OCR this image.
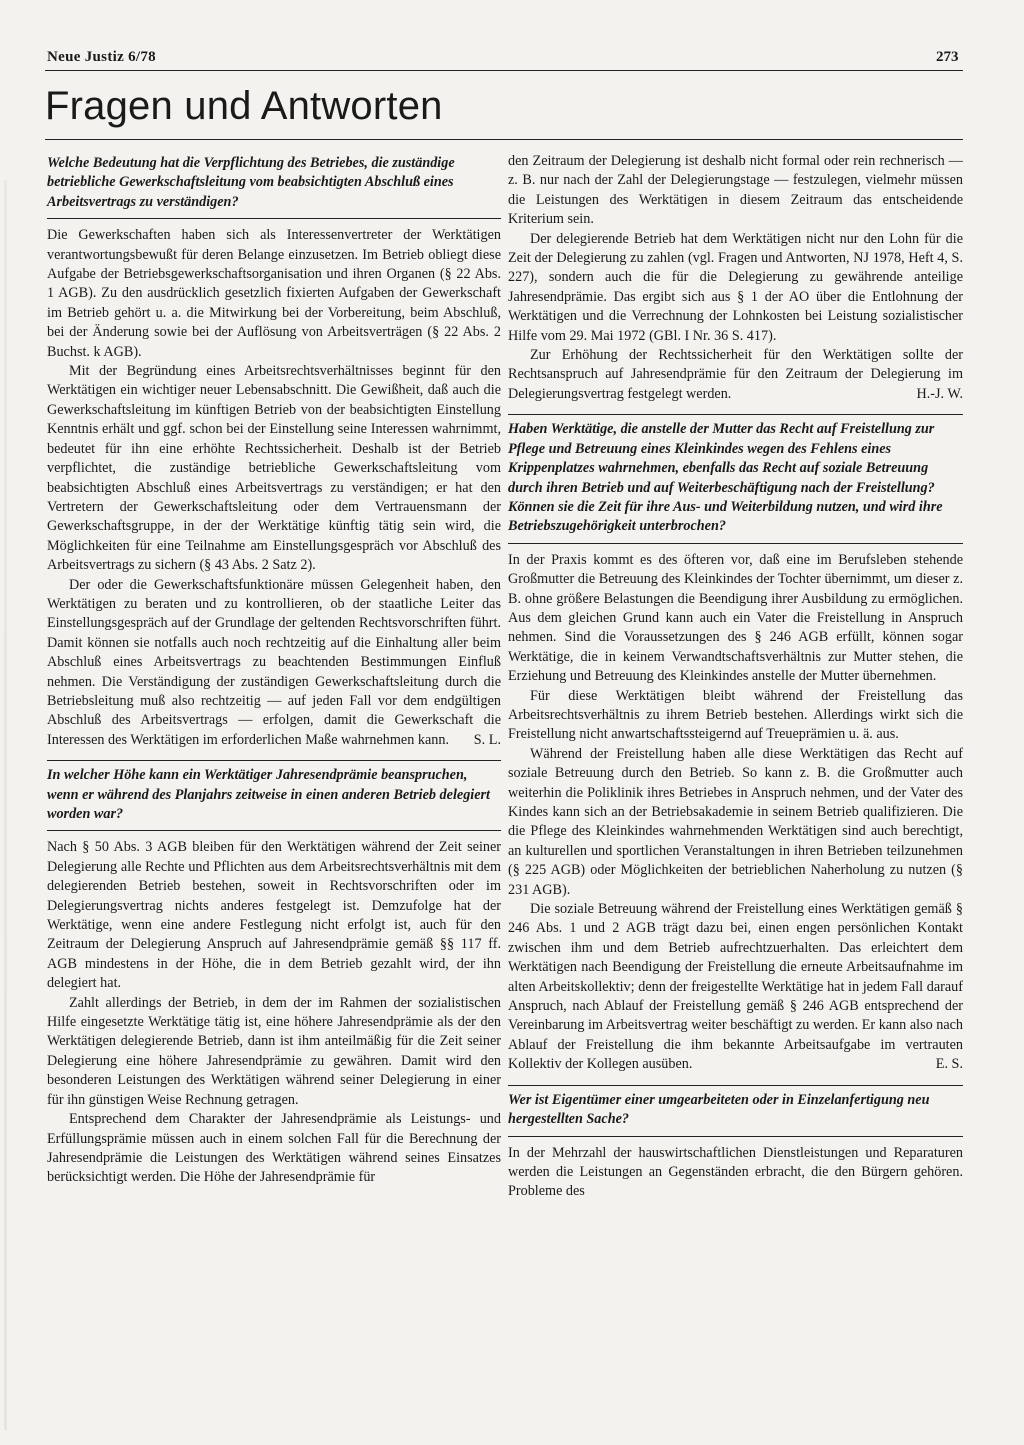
Neue Justiz 6/78	273
Fragen und Antworten
Welche Bedeutung hat die Verpflichtung des Betriebes, die zuständige betriebliche Gewerkschaftsleitung vom beabsichtigten Abschluß eines Arbeitsvertrags zu verständigen?

Die Gewerkschaften haben sich als Interessenvertreter der Werktätigen verantwortungsbewußt für deren Belange einzusetzen. Im Betrieb obliegt diese Aufgabe der Betriebsgewerkschaftsorganisation und ihren Organen (§ 22 Abs. 1 AGB). Zu den ausdrücklich gesetzlich fixierten Aufgaben der Gewerkschaft im Betrieb gehört u. a. die Mitwirkung bei der Vorbereitung, beim Abschluß, bei der Änderung sowie bei der Auflösung von Arbeitsverträgen (§ 22 Abs. 2 Buchst. k AGB).

Mit der Begründung eines Arbeitsrechtsverhältnisses beginnt für den Werktätigen ein wichtiger neuer Lebensabschnitt. Die Gewißheit, daß auch die Gewerkschaftsleitung im künftigen Betrieb von der beabsichtigten Einstellung Kenntnis erhält und ggf. schon bei der Einstellung seine Interessen wahrnimmt, bedeutet für ihn eine erhöhte Rechtssicherheit. Deshalb ist der Betrieb verpflichtet, die zuständige betriebliche Gewerkschaftsleitung vom beabsichtigten Abschluß eines Arbeitsvertrags zu verständigen; er hat den Vertretern der Gewerkschaftsleitung oder dem Vertrauensmann der Gewerkschaftsgruppe, in der der Werktätige künftig tätig sein wird, die Möglichkeiten für eine Teilnahme am Einstellungsgespräch vor Abschluß des Arbeitsvertrags zu sichern (§ 43 Abs. 2 Satz 2).

Der oder die Gewerkschaftsfunktionäre müssen Gelegenheit haben, den Werktätigen zu beraten und zu kontrollieren, ob der staatliche Leiter das Einstellungsgespräch auf der Grundlage der geltenden Rechtsvorschriften führt. Damit können sie notfalls auch noch rechtzeitig auf die Einhaltung aller beim Abschluß eines Arbeitsvertrags zu beachtenden Bestimmungen Einfluß nehmen. Die Verständigung der zuständigen Gewerkschaftsleitung durch die Betriebsleitung muß also rechtzeitig — auf jeden Fall vor dem endgültigen Abschluß des Arbeitsvertrags — erfolgen, damit die Gewerkschaft die Interessen des Werktätigen im erforderlichen Maße wahrnehmen kann.	S. L.

In welcher Höhe kann ein Werktätiger Jahresendprämie beanspruchen, wenn er während des Planjahrs zeitweise in einen anderen Betrieb delegiert worden war?

Nach § 50 Abs. 3 AGB bleiben für den Werktätigen während der Zeit seiner Delegierung alle Rechte und Pflichten aus dem Arbeitsrechtsverhältnis mit dem delegierenden Betrieb bestehen, soweit in Rechtsvorschriften oder im Delegierungsvertrag nichts anderes festgelegt ist. Demzufolge hat der Werktätige, wenn eine andere Festlegung nicht erfolgt ist, auch für den Zeitraum der Delegierung Anspruch auf Jahresendprämie gemäß §§ 117 ff. AGB mindestens in der Höhe, die in dem Betrieb gezahlt wird, der ihn delegiert hat.

Zahlt allerdings der Betrieb, in dem der im Rahmen der sozialistischen Hilfe eingesetzte Werktätige tätig ist, eine höhere Jahresendprämie als der den Werktätigen delegierende Betrieb, dann ist ihm anteilmäßig für die Zeit seiner Delegierung eine höhere Jahresendprämie zu gewähren. Damit wird den besonderen Leistungen des Werktätigen während seiner Delegierung in einer für ihn günstigen Weise Rechnung getragen.

Entsprechend dem Charakter der Jahresendprämie als Leistungs- und Erfüllungsprämie müssen auch in einem solchen Fall für die Berechnung der Jahresendprämie die Leistungen des Werktätigen während seines Einsatzes berücksichtigt werden. Die Höhe der Jahresendprämie für

den Zeitraum der Delegierung ist deshalb nicht formal oder rein rechnerisch — z. B. nur nach der Zahl der Delegierungstage — festzulegen, vielmehr müssen die Leistungen des Werktätigen in diesem Zeitraum das entscheidende Kriterium sein.

Der delegierende Betrieb hat dem Werktätigen nicht nur den Lohn für die Zeit der Delegierung zu zahlen (vgl. Fragen und Antworten, NJ 1978, Heft 4, S. 227), sondern auch die für die Delegierung zu gewährende anteilige Jahresendprämie. Das ergibt sich aus § 1 der AO über die Entlohnung der Werktätigen und die Verrechnung der Lohnkosten bei Leistung sozialistischer Hilfe vom 29. Mai 1972 (GBl. I Nr. 36 S. 417).

Zur Erhöhung der Rechtssicherheit für den Werktätigen sollte der Rechtsanspruch auf Jahresendprämie für den Zeitraum der Delegierung im Delegierungsvertrag festgelegt werden.	H.-J. W.

Haben Werktätige, die anstelle der Mutter das Recht auf Freistellung zur Pflege und Betreuung eines Kleinkindes wegen des Fehlens eines Krippenplatzes wahrnehmen, ebenfalls das Recht auf soziale Betreuung durch ihren Betrieb und auf Weiterbeschäftigung nach der Freistellung? Können sie die Zeit für ihre Aus- und Weiterbildung nutzen, und wird ihre Betriebszugehörigkeit unterbrochen?

In der Praxis kommt es des öfteren vor, daß eine im Berufsleben stehende Großmutter die Betreuung des Kleinkindes der Tochter übernimmt, um dieser z. B. ohne größere Belastungen die Beendigung ihrer Ausbildung zu ermöglichen. Aus dem gleichen Grund kann auch ein Vater die Freistellung in Anspruch nehmen. Sind die Voraussetzungen des § 246 AGB erfüllt, können sogar Werktätige, die in keinem Verwandtschaftsverhältnis zur Mutter stehen, die Erziehung und Betreuung des Kleinkindes anstelle der Mutter übernehmen.

Für diese Werktätigen bleibt während der Freistellung das Arbeitsrechtsverhältnis zu ihrem Betrieb bestehen. Allerdings wirkt sich die Freistellung nicht anwartschaftssteigernd auf Treueprämien u. ä. aus.

Während der Freistellung haben alle diese Werktätigen das Recht auf soziale Betreuung durch den Betrieb. So kann z. B. die Großmutter auch weiterhin die Poliklinik ihres Betriebes in Anspruch nehmen, und der Vater des Kindes kann sich an der Betriebsakademie in seinem Betrieb qualifizieren. Die die Pflege des Kleinkindes wahrnehmenden Werktätigen sind auch berechtigt, an kulturellen und sportlichen Veranstaltungen in ihren Betrieben teilzunehmen (§ 225 AGB) oder Möglichkeiten der betrieblichen Naherholung zu nutzen (§ 231 AGB).

Die soziale Betreuung während der Freistellung eines Werktätigen gemäß § 246 Abs. 1 und 2 AGB trägt dazu bei, einen engen persönlichen Kontakt zwischen ihm und dem Betrieb aufrechtzuerhalten. Das erleichtert dem Werktätigen nach Beendigung der Freistellung die erneute Arbeitsaufnahme im alten Arbeitskollektiv; denn der freigestellte Werktätige hat in jedem Fall darauf Anspruch, nach Ablauf der Freistellung gemäß § 246 AGB entsprechend der Vereinbarung im Arbeitsvertrag weiter beschäftigt zu werden. Er kann also nach Ablauf der Freistellung die ihm bekannte Arbeitsaufgabe im vertrauten Kollektiv der Kollegen ausüben.	E. S.

Wer ist Eigentümer einer umgearbeiteten oder in Einzelanfertigung neu hergestellten Sache?

In der Mehrzahl der hauswirtschaftlichen Dienstleistungen und Reparaturen werden die Leistungen an Gegenständen erbracht, die den Bürgern gehören. Probleme des
